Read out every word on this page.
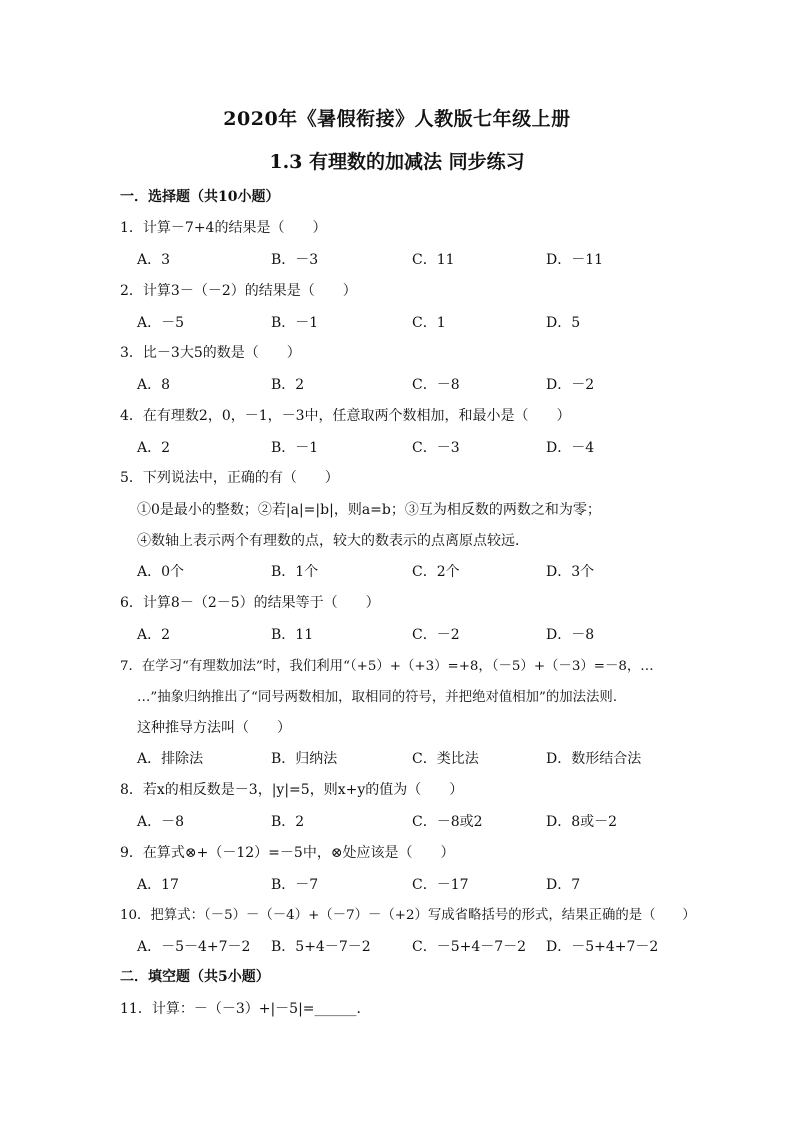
2020年《暑假衔接》人教版七年级上册
1.3 有理数的加减法 同步练习
一．选择题（共10小题）
1．计算－7+4的结果是（　　）
A．3	B．－3	C．11	D．－11
2．计算3－（－2）的结果是（　　）
A．－5	B．－1	C．1	D．5
3．比－3大5的数是（　　）
A．8	B．2	C．－8	D．－2
4．在有理数2，0，－1，－3中，任意取两个数相加，和最小是（　　）
A．2	B．－1	C．－3	D．－4
5．下列说法中，正确的有（　　）
①0是最小的整数；②若|a|=|b|，则a=b；③互为相反数的两数之和为零；
④数轴上表示两个有理数的点，较大的数表示的点离原点较远．
A．0个	B．1个	C．2个	D．3个
6．计算8－（2－5）的结果等于（　　）
A．2	B．11	C．－2	D．－8
7．在学习“有理数加法”时，我们利用“（+5）+（+3）=+8，（－5）+（－3）=－8，…
…”抽象归纳推出了“同号两数相加，取相同的符号，并把绝对值相加”的加法法则．
这种推导方法叫（　　）
A．排除法	B．归纳法	C．类比法	D．数形结合法
8．若x的相反数是－3，|y|=5，则x+y的值为（　　）
A．－8	B．2	C．－8或2	D．8或－2
9．在算式⊗+（－12）=－5中，⊗处应该是（　　）
A．17	B．－7	C．－17	D．7
10．把算式：（－5）－（－4）+（－7）－（+2）写成省略括号的形式，结果正确的是（　　）
A．－5－4+7－2 B．5+4－7－2	C．－5+4－7－2 D．－5+4+7－2
二．填空题（共5小题）
11．计算：－（－3）+|－5|=______．
